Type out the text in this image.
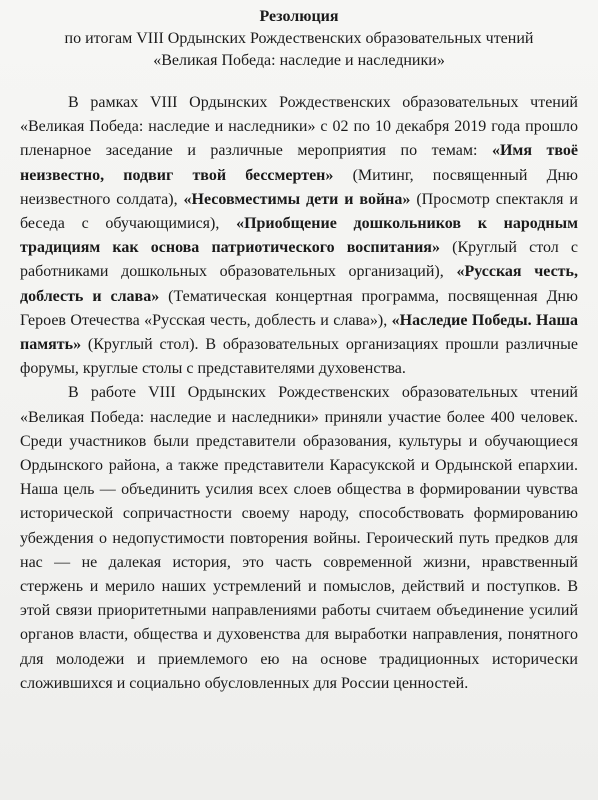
Резолюция

по итогам VIII Ордынских Рождественских образовательных чтений

«Великая Победа: наследие и наследники»

В рамках VIII Ордынских Рождественских образовательных чтений «Великая Победа: наследие и наследники» с 02 по 10 декабря 2019 года прошло пленарное заседание и различные мероприятия по темам: «Имя твоё неизвестно, подвиг твой бессмертен» (Митинг, посвященный Дню неизвестного солдата), «Несовместимы дети и война» (Просмотр спектакля и беседа с обучающимися), «Приобщение дошкольников к народным традициям как основа патриотического воспитания» (Круглый стол с работниками дошкольных образовательных организаций), «Русская честь, доблесть и слава» (Тематическая концертная программа, посвященная Дню Героев Отечества «Русская честь, доблесть и слава»), «Наследие Победы. Наша память» (Круглый стол). В образовательных организациях прошли различные форумы, круглые столы с представителями духовенства.

В работе VIII Ордынских Рождественских образовательных чтений «Великая Победа: наследие и наследники» приняли участие более 400 человек. Среди участников были представители образования, культуры и обучающиеся Ордынского района, а также представители Карасукской и Ордынской епархии. Наша цель — объединить усилия всех слоев общества в формировании чувства исторической сопричастности своему народу, способствовать формированию убеждения о недопустимости повторения войны. Героический путь предков для нас — не далекая история, это часть современной жизни, нравственный стержень и мерило наших устремлений и помыслов, действий и поступков. В этой связи приоритетными направлениями работы считаем объединение усилий органов власти, общества и духовенства для выработки направления, понятного для молодежи и приемлемого ею на основе традиционных исторически сложившихся и социально обусловленных для России ценностей.
